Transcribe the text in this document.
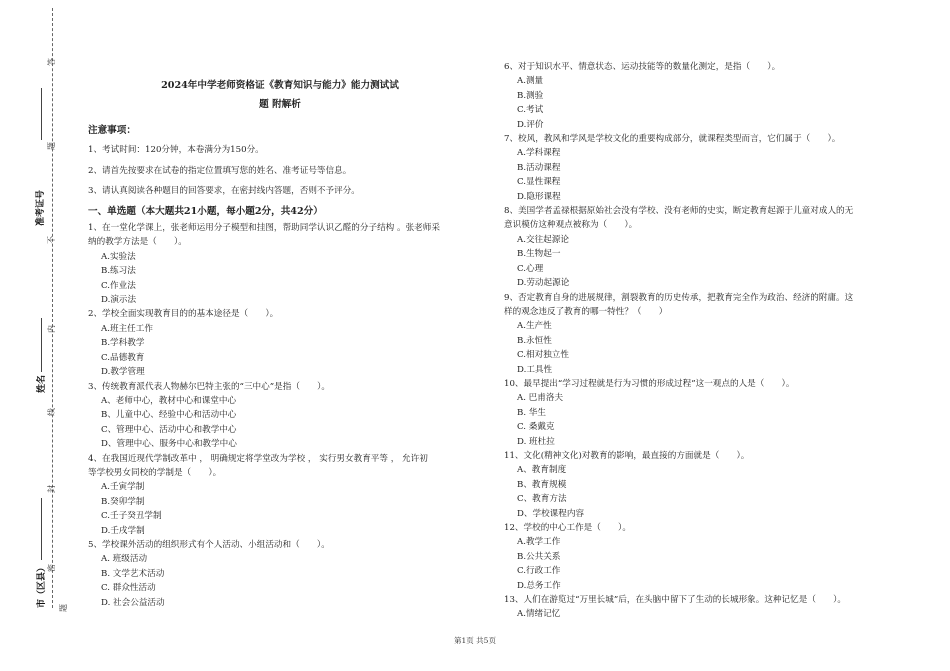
答
题
准考证号
不
内
姓名
线
封
市（区县） 密
题
2024年中学老师资格证《教育知识与能力》能力测试试
题 附解析
注意事项：
1、考试时间：120分钟，本卷满分为150分。
2、请首先按要求在试卷的指定位置填写您的姓名、准考证号等信息。
3、请认真阅读各种题目的回答要求，在密封线内答题，否则不予评分。
一、单选题（本大题共21小题，每小题2分，共42分）
1、在一堂化学课上，张老师运用分子模型和挂图，帮助同学认识乙醛的分子结构 。张老师采
纳的教学方法是（　　）。
A.实验法
B.练习法
C.作业法
D.演示法
2、学校全面实现教育目的的基本途径是（　　）。
A.班主任工作
B.学科教学
C.品德教育
D.教学管理
3、传统教育派代表人物赫尔巴特主张的“三中心”是指（　　）。
A、老师中心，教材中心和课堂中心
B、儿童中心、经验中心和活动中心
C、管理中心、活动中心和教学中心
D、管理中心、服务中心和教学中心
4、在我国近现代学制改革中 ， 明确规定将学堂改为学校 ， 实行男女教育平等 ， 允许初
等学校男女同校的学制是（　　）。
A.壬寅学制
B.癸卯学制
C.壬子癸丑学制
D.壬戌学制
5、学校课外活动的组织形式有个人活动、小组活动和（　　）。
A. 班级活动
B. 文学艺术活动
C. 群众性活动
D. 社会公益活动
6、对于知识水平、情意状态、运动技能等的数量化测定，是指（　　）。
A.测量
B.测验
C.考试
D.评价
7、校风，教风和学风是学校文化的重要构成部分，就课程类型而言，它们属于（　　）。
A.学科课程
B.活动课程
C.显性课程
D.隐形课程
8、美国学者孟禄根据原始社会没有学校、没有老师的史实，断定教育起源于儿童对成人的无
意识模仿这种观点被称为（　　）。
A.交往起源论
B.生物起一
C.心理
D.劳动起源论
9、否定教育自身的进展规律，割裂教育的历史传承，把教育完全作为政治、经济的附庸。这
样的观念违反了教育的哪一特性？（　　）
A.生产性
B.永恒性
C.相对独立性
D.工具性
10、最早提出“学习过程就是行为习惯的形成过程”这一观点的人是（　　）。
A. 巴甫洛夫
B. 华生
C. 桑戴克
D. 班杜拉
11、文化(精神文化)对教育的影响，最直接的方面就是（　　）。
A、教育制度
B、教育规模
C、教育方法
D、学校课程内容
12、学校的中心工作是（　　）。
A.教学工作
B.公共关系
C.行政工作
D.总务工作
13、人们在游览过“万里长城”后，在头脑中留下了生动的长城形象。这种记忆是（　　）。
A.情绪记忆
第1页 共5页
